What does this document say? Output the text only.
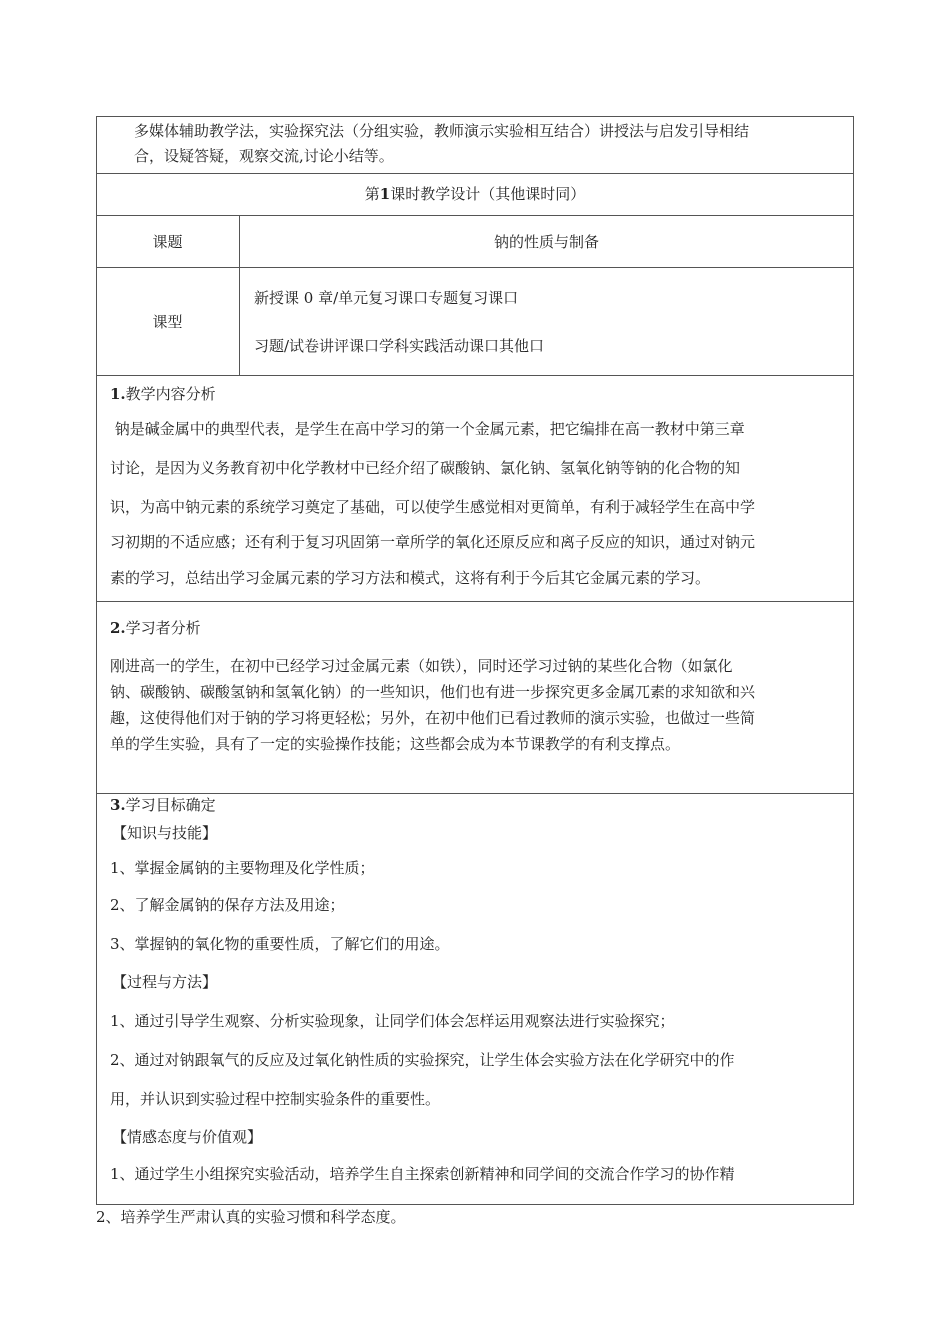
多媒体辅助教学法，实验探究法（分组实验，教师演示实验相互结合）讲授法与启发引导相结
合，设疑答疑，观察交流,讨论小结等。
第1课时教学设计（其他课时同）
课题	钠的性质与制备
课型
新授课 0 章/单元复习课口专题复习课口
习题/试卷讲评课口学科实践活动课口其他口
1.教学内容分析
钠是碱金属中的典型代表，是学生在高中学习的第一个金属元素，把它编排在高一教材中第三章
讨论，是因为义务教育初中化学教材中已经介绍了碳酸钠、氯化钠、氢氧化钠等钠的化合物的知
识，为高中钠元素的系统学习奠定了基础，可以使学生感觉相对更简单，有利于减轻学生在高中学
习初期的不适应感；还有利于复习巩固第一章所学的氧化还原反应和离子反应的知识，通过对钠元
素的学习，总结出学习金属元素的学习方法和模式，这将有利于今后其它金属元素的学习。
2.学习者分析
刚进高一的学生，在初中已经学习过金属元素（如铁），同时还学习过钠的某些化合物（如氯化
钠、碳酸钠、碳酸氢钠和氢氧化钠）的一些知识，他们也有进一步探究更多金属兀素的求知欲和兴
趣，这使得他们对于钠的学习将更轻松；另外，在初中他们已看过教师的演示实验，也做过一些简
单的学生实验，具有了一定的实验操作技能；这些都会成为本节课教学的有利支撑点。
3.学习目标确定
【知识与技能】
1、掌握金属钠的主要物理及化学性质；
2、了解金属钠的保存方法及用途；
3、掌握钠的氧化物的重要性质，了解它们的用途。
【过程与方法】
1、通过引导学生观察、分析实验现象，让同学们体会怎样运用观察法进行实验探究；
2、通过对钠跟氧气的反应及过氧化钠性质的实验探究，让学生体会实验方法在化学研究中的作
用，并认识到实验过程中控制实验条件的重要性。
【情感态度与价值观】
1、通过学生小组探究实验活动，培养学生自主探索创新精神和同学间的交流合作学习的协作精
2、培养学生严肃认真的实验习惯和科学态度。
